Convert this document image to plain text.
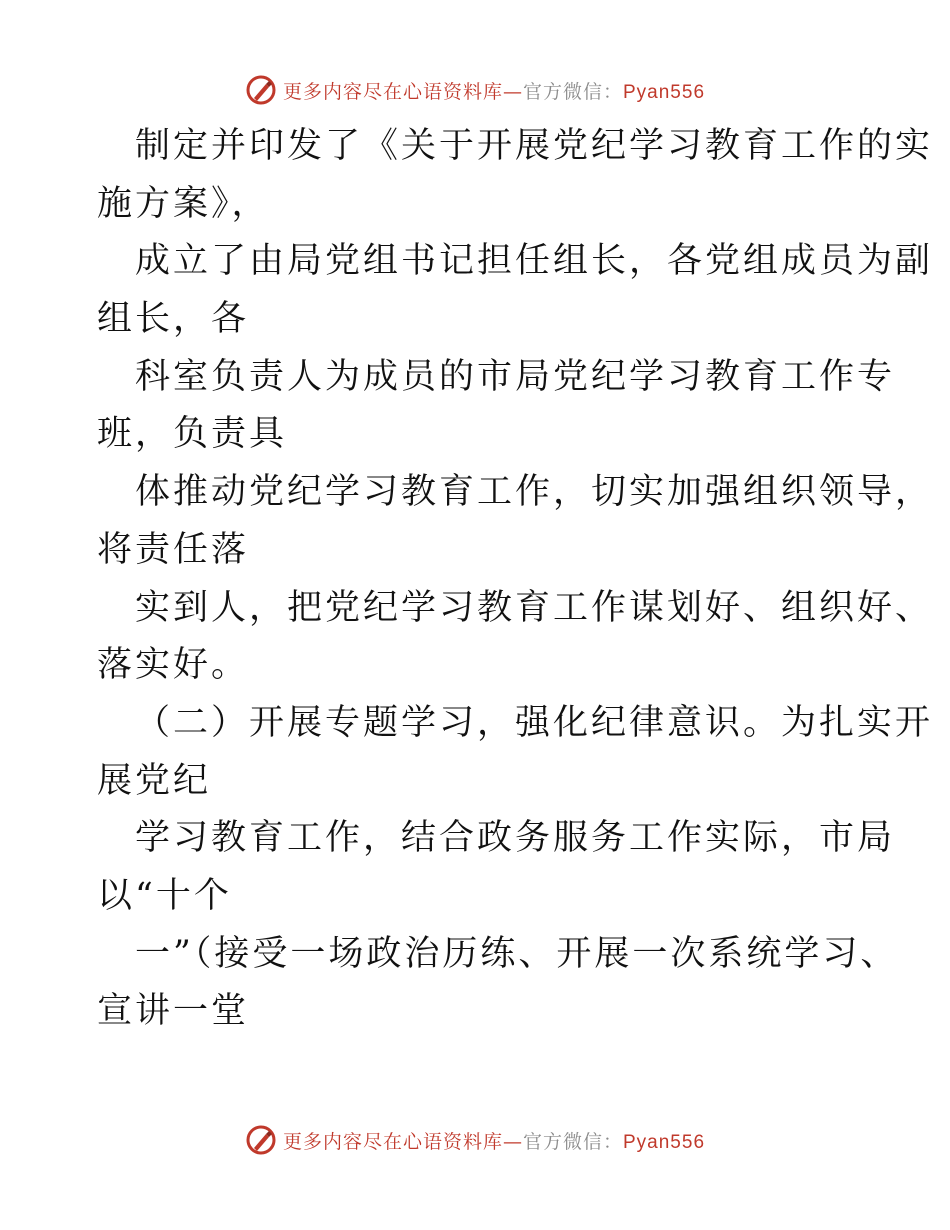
更多内容尽在心语资料库—官方微信：Pyan556
制定并印发了《关于开展党纪学习教育工作的实
施方案》，
成立了由局党组书记担任组长，各党组成员为副
组长，各
科室负责人为成员的市局党纪学习教育工作专
班，负责具
体推动党纪学习教育工作，切实加强组织领导，
将责任落
实到人，把党纪学习教育工作谋划好、组织好、
落实好。
（二）开展专题学习，强化纪律意识。为扎实开
展党纪
学习教育工作，结合政务服务工作实际，市局
以“十个
一”（接受一场政治历练、开展一次系统学习、
宣讲一堂
更多内容尽在心语资料库—官方微信：Pyan556
